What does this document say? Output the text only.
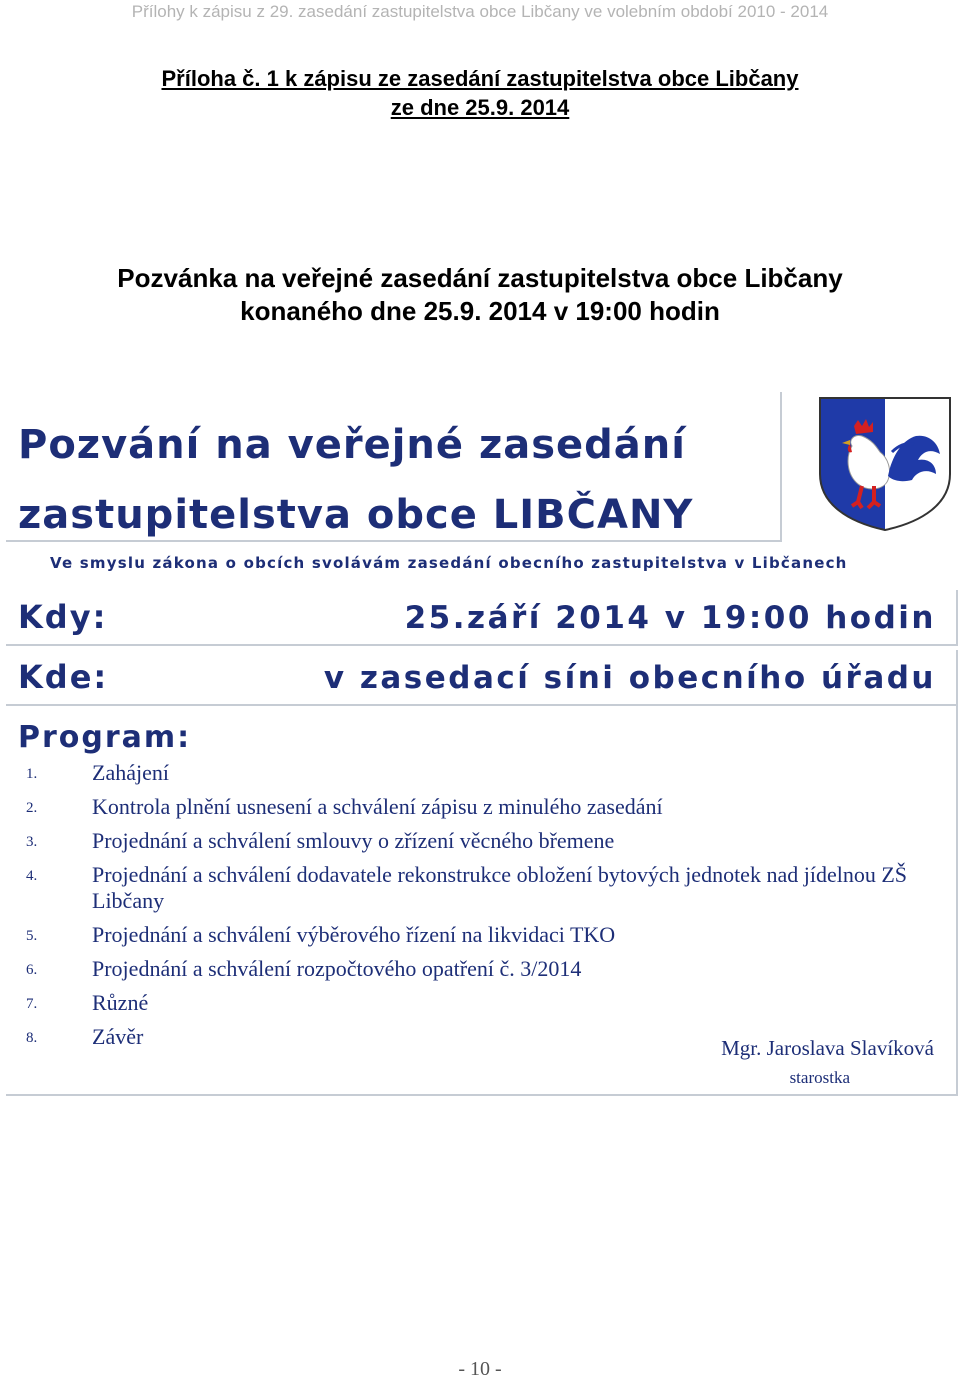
Přílohy k zápisu z 29. zasedání zastupitelstva obce Libčany ve volebním období 2010 - 2014
Příloha č. 1 k zápisu ze zasedání zastupitelstva obce Libčany
ze dne 25.9. 2014
Pozvánka na veřejné zasedání zastupitelstva obce Libčany
konaného dne 25.9. 2014 v 19:00 hodin
Pozvání na veřejné zasedání
zastupitelstva obce LIBČANY
Ve smyslu zákona o obcích svolávám zasedání obecního zastupitelstva v Libčanech
Kdy:	25.září 2014 v 19:00 hodin
Kde:	v zasedací síni obecního úřadu
Program:
1. Zahájení
2. Kontrola plnění usnesení a schválení zápisu z minulého zasedání
3. Projednání a schválení smlouvy o zřízení věcného břemene
4. Projednání a schválení dodavatele rekonstrukce obložení bytových jednotek nad jídelnou ZŠ Libčany
5. Projednání a schválení výběrového řízení na likvidaci TKO
6. Projednání a schválení rozpočtového opatření č. 3/2014
7. Různé
8. Závěr	Mgr. Jaroslava Slavíková
starostka
- 10 -
